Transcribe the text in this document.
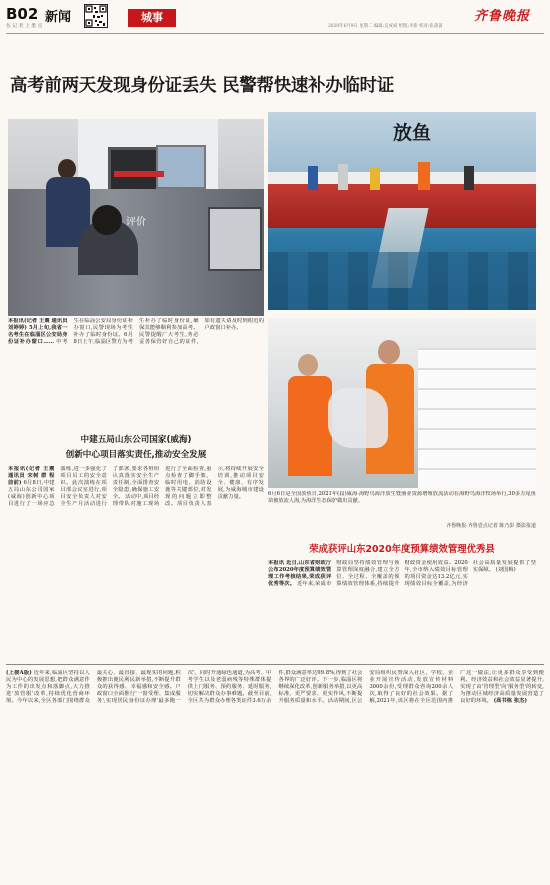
B02 新闻
包 记 者 上 墨 点
城事	齐鲁晚报
2020年6月9日 星期二 编辑:吴成斌 组版:李新 校对:张蔷蔷
高考前两天发现身份证丢失 民警帮快速补办临时证
评价
本报讯(记者 王震 通讯员 刘婷婷) 5月上旬,我省一名考生在临淄区公安局身份证补办窗口…… 中考生在临淄公安局身份证补办窗口,民警现场为考生补办了临时身份证。6月8日上午,临淄区警方为考生补办了临时身份证,确保其能够顺利参加高考。民警提醒广大考生,务必妥善保管好自己的证件,如有遗失请及时到附近的户政窗口补办。
中建五局山东公司国家(威海)
创新中心项目落实责任,推动安全发展
本报讯(记者 王震 通讯员 宋树 群 程前前) 6月8日,中建五局山东公司国家(威海)创新中心项目进行了一场应急演练,进一步强化了项目员工的安全意识。此次演练在项目部会议室进行,项目安全负责人对安全生产月活动进行了部署,要求各班组认真落实安全生产责任制,全面排查安全隐患,确保施工安全。 活动中,项目经理带队对施工现场进行了全面检查,重点检查了脚手架、临时用电、消防设施等关键部位,对发现的问题立即整改。项目负责人表示,将持续开展安全培训,推动项目安全、健康、有序发展,为威海城市建设贡献力量。
放鱼
6月6日是全国放鱼日,2021年(届)威海·海野鸟海洋放生暨渔业资源增殖放流活动在海野鸟海洋牧场举行,30多万尾鱼苗被放流人海,为海洋生态保护做出贡献。
齐鲁晚报·齐鲁壹点记者 陈乃彭 摄影报道
荣成获评山东2020年度预算绩效管理优秀县
本报讯 近日,山东省财政厅公布2020年度预算绩效管理工作考核结果,荣成获评优秀等次。 近年来,荣成市财政局坚持绩效管理与预算管理深度融合,建立全方位、全过程、全覆盖的预算绩效管理体系,持续提升财政资金使用效益。2020年,全市纳入绩效目标管理的项目资金达13.2亿元,实现绩效目标全覆盖,为经济社会高质量发展提供了坚实保障。 (刘国梅)
(上接A版) 近年来,临淄区坚持以人民为中心的发展思想,把群众满意作为工作的出发点和落脚点,大力推进'放管服'改革,持续优化营商环境。今年以来,全区各部门围绕群众最关心、最直接、最现实的问题,积极推出便民利民新举措,不断提升群众的获得感、幸福感和安全感。户政窗口全面推行'一窗受理、集成服务',实现居民身份证办理'最多跑一次'。同时开通绿色通道,为高考、中考学生以及老弱病残等特殊群体提供上门服务、预约服务、延时服务,切实解决群众办事难题。截至目前,全区共为群众办理各类证件3.6万余件,群众满意率达99.8%,得到了社会各界的广泛好评。下一步,临淄区将继续深化改革,创新服务举措,以更高标准、更严要求、更实作风,不断提升服务质量和水平。活动期间,区公安局组织民警深入社区、学校、企业开展宣传活动,发放宣传材料3000余份,受理群众咨询200余人次,取得了良好的社会效果。据了解,2021年,该区将在全区范围内推广这一做法,让更多群众享受到便利。经济效益和社会效益显著提升,实现了由'管理型'向'服务型'的转变,为推动区域经济高质量发展营造了良好的环境。 (高书栋 张杰)
